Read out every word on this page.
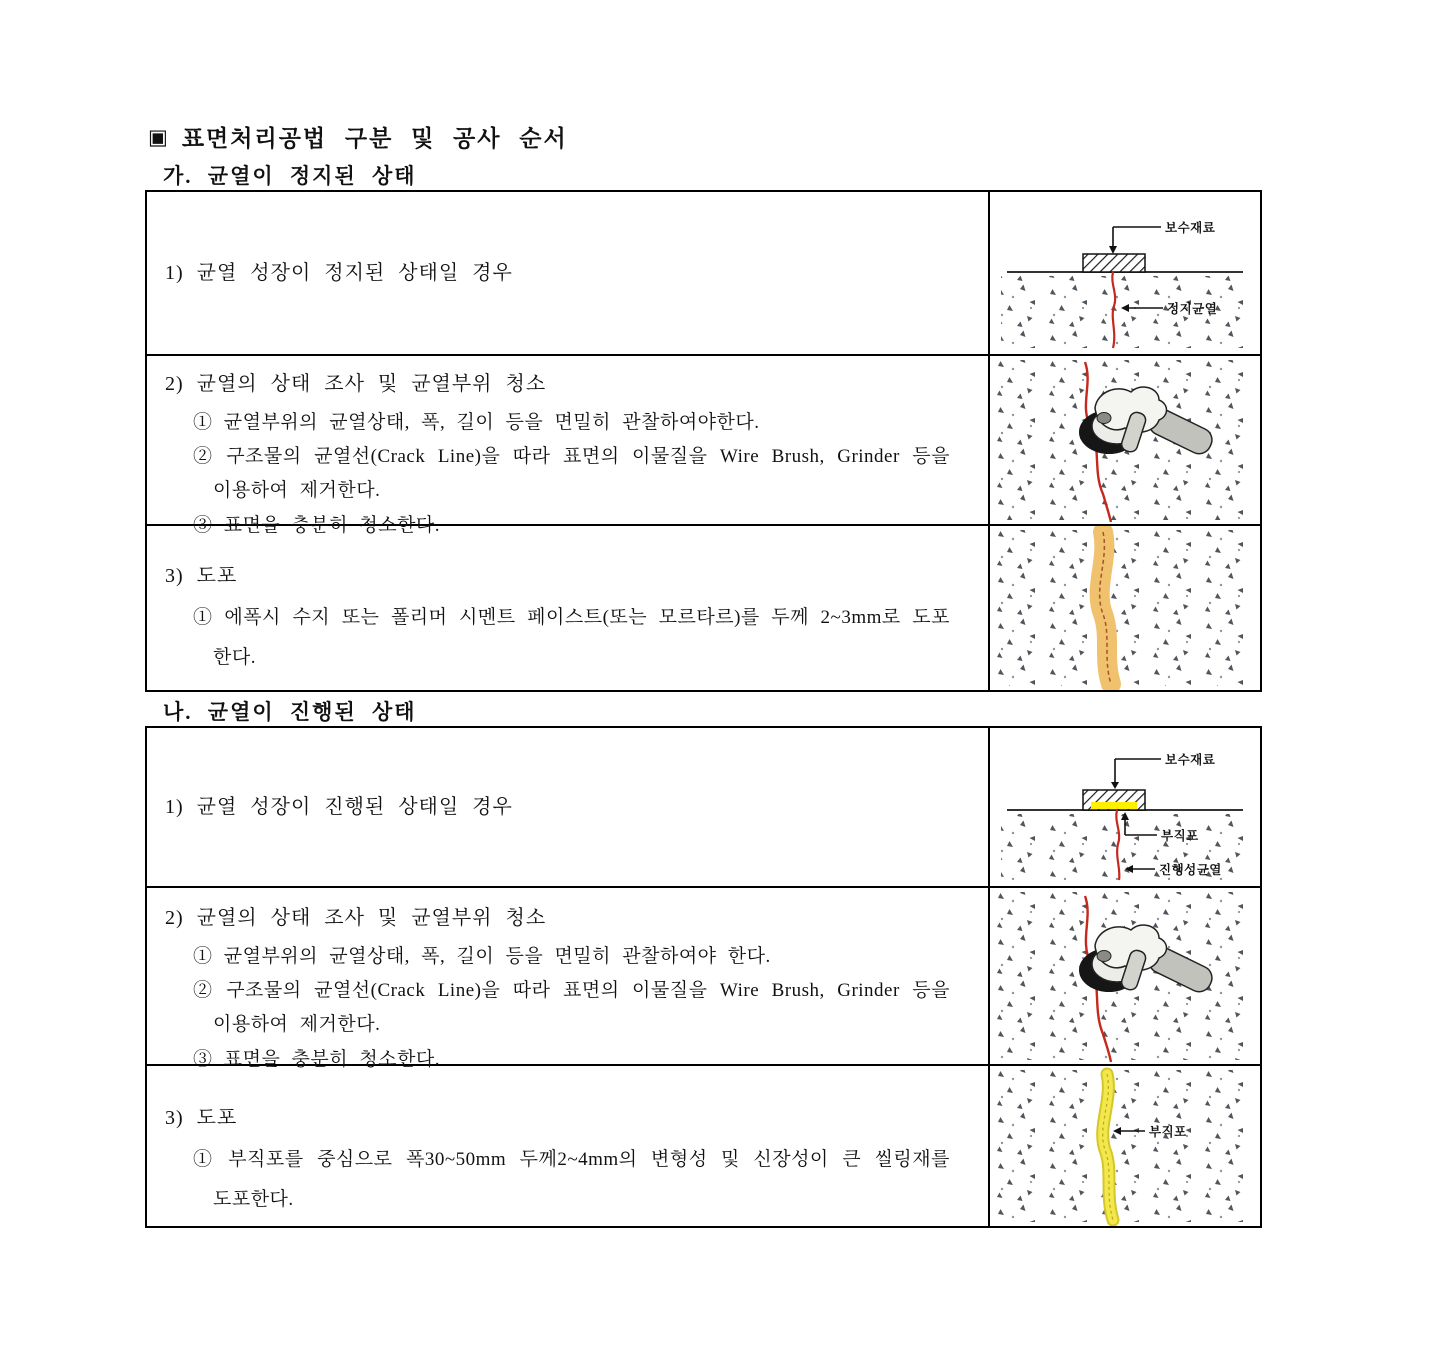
▣ 표면처리공법 구분 및 공사 순서
가. 균열이 정지된 상태
1) 균열 성장이 정지된 상태일 경우
보수재료
정지균열
2) 균열의 상태 조사 및 균열부위 청소
① 균열부위의 균열상태, 폭, 길이 등을 면밀히 관찰하여야한다.
② 구조물의 균열선(Crack Line)을 따라 표면의 이물질을 Wire Brush, Grinder 등을 이용하여 제거한다.
③ 표면을 충분히 청소한다.
3) 도포
① 에폭시 수지 또는 폴리머 시멘트 페이스트(또는 모르타르)를 두께 2~3mm로 도포한다.
나. 균열이 진행된 상태
1) 균열 성장이 진행된 상태일 경우
보수재료
부직포
진행성균열
2) 균열의 상태 조사 및 균열부위 청소
① 균열부위의 균열상태, 폭, 길이 등을 면밀히 관찰하여야 한다.
② 구조물의 균열선(Crack Line)을 따라 표면의 이물질을 Wire Brush, Grinder 등을 이용하여 제거한다.
③ 표면을 충분히 청소한다.
3) 도포
① 부직포를 중심으로 폭30~50mm 두께2~4mm의 변형성 및 신장성이 큰 씰링재를 도포한다.
부직포
